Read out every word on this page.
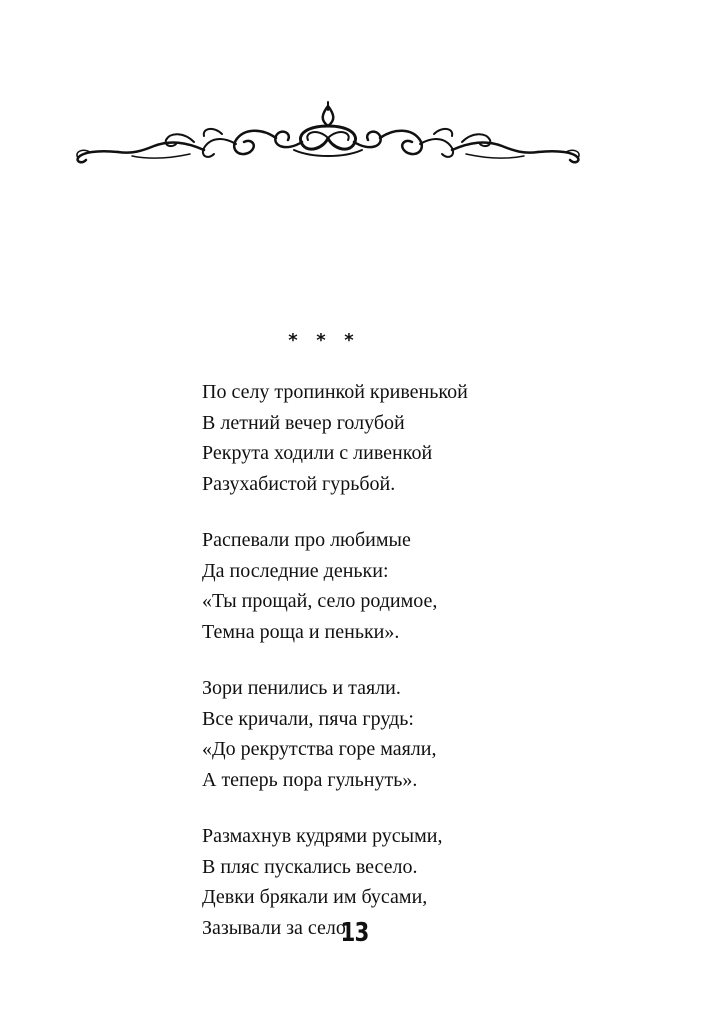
* * *
По селу тропинкой кривенькой
В летний вечер голубой
Рекрута ходили с ливенкой
Разухабистой гурьбой.
Распевали про любимые
Да последние деньки:
«Ты прощай, село родимое,
Темна роща и пеньки».
Зори пенились и таяли.
Все кричали, пяча грудь:
«До рекрутства горе маяли,
А теперь пора гульнуть».
Размахнув кудрями русыми,
В пляс пускались весело.
Девки брякали им бусами,
Зазывали за село.
13
